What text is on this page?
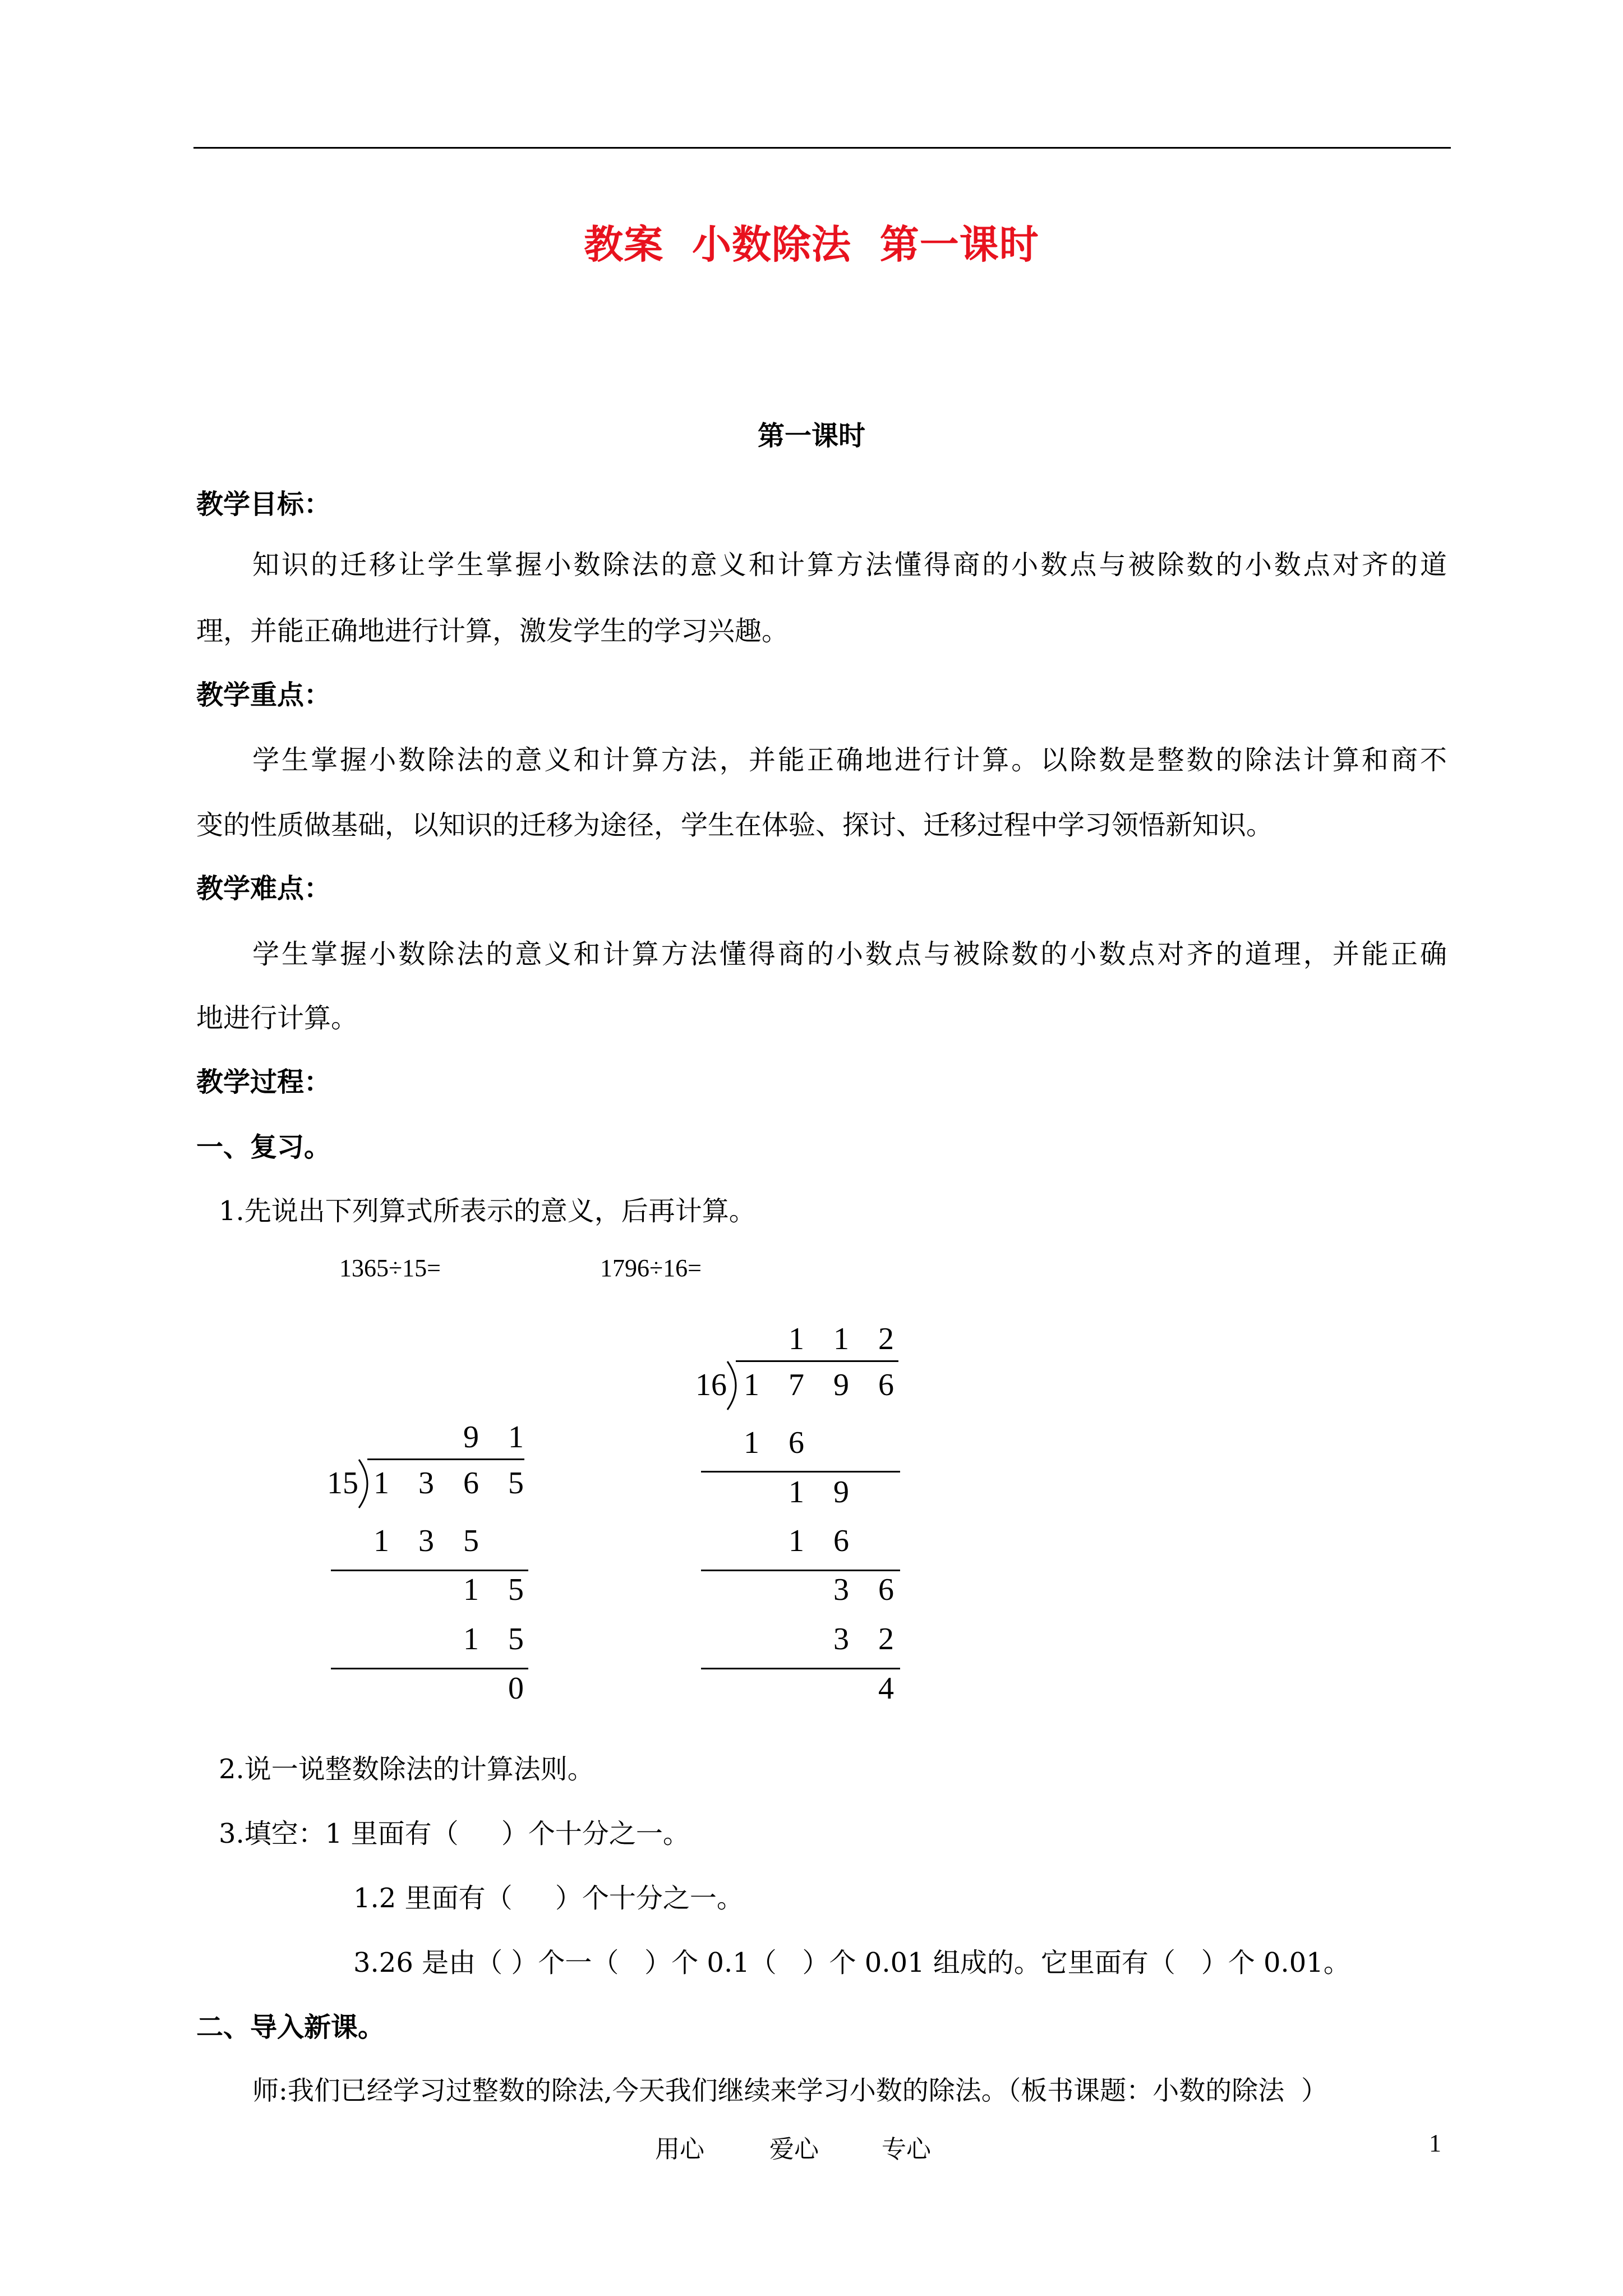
教案  小数除法  第一课时
第一课时
教学目标：
知识的迁移让学生掌握小数除法的意义和计算方法懂得商的小数点与被除数的小数点对齐的道
理，并能正确地进行计算，激发学生的学习兴趣。
教学重点：
学生掌握小数除法的意义和计算方法，并能正确地进行计算。以除数是整数的除法计算和商不
变的性质做基础，以知识的迁移为途径，学生在体验、探讨、迁移过程中学习领悟新知识。
教学难点：
学生掌握小数除法的意义和计算方法懂得商的小数点与被除数的小数点对齐的道理，并能正确
地进行计算。
教学过程：
一、复习。
1.先说出下列算式所表示的意义，后再计算。
1365÷15=	1796÷16=
9 1
15 1 3 6 5
1 3 5
1 5
1 5
0
1 1 2
16 1 7 9 6
1 6
1 9
1 6
3 6
3 2
4
2.说一说整数除法的计算法则。
3.填空：1 里面有（     ）个十分之一。
1.2 里面有（     ）个十分之一。
3.26 是由（ ）个一（   ）个 0.1（   ）个 0.01 组成的。它里面有（   ）个 0.01。
二、导入新课。
师:我们已经学习过整数的除法,今天我们继续来学习小数的除法。（板书课题：小数的除法  ）
用心	爱心	专心	1
